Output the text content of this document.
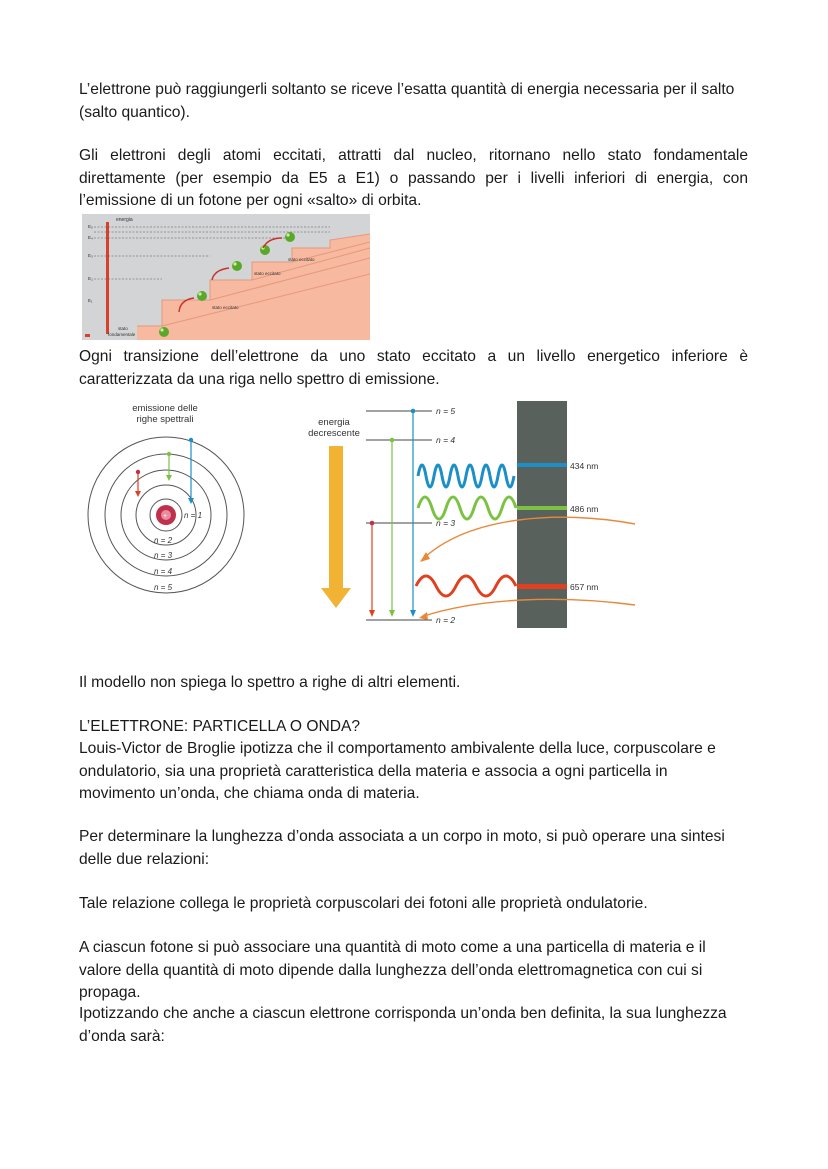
L’elettrone può raggiungerli soltanto se riceve l’esatta quantità di energia necessaria per il salto (salto quantico).

Gli elettroni degli atomi eccitati, attratti dal nucleo, ritornano nello stato fondamentale direttamente (per esempio da E5 a E1) o passando per i livelli inferiori di energia, con l’emissione di un fotone per ogni «salto» di orbita.

energia
E₅
E₄
E₃
E₂
E₁
stato eccitato
stato eccitato
stato eccitato
stato
fondamentale

Ogni transizione dell’elettrone da uno stato eccitato a un livello energetico inferiore è caratterizzata da una riga nello spettro di emissione.

emissione delle
righe spettrali
+ n = 1
n = 2
n = 3
n = 4
n = 5
energia
decrescente
n = 5
n = 4
n = 3
n = 2
434 nm
486 nm
657 nm

Il modello non spiega lo spettro a righe di altri elementi.

L’ELETTRONE: PARTICELLA O ONDA?

Louis-Victor de Broglie ipotizza che il comportamento ambivalente della luce, corpuscolare e ondulatorio, sia una proprietà caratteristica della materia e associa a ogni particella in movimento un’onda, che chiama onda di materia.

Per determinare la lunghezza d’onda associata a un corpo in moto, si può operare una sintesi delle due relazioni:

Tale relazione collega le proprietà corpuscolari dei fotoni alle proprietà ondulatorie.

A ciascun fotone si può associare una quantità di moto come a una particella di materia e il valore della quantità di moto dipende dalla lunghezza dell’onda elettromagnetica con cui si propaga.

Ipotizzando che anche a ciascun elettrone corrisponda un’onda ben definita, la sua lunghezza d’onda sarà:
